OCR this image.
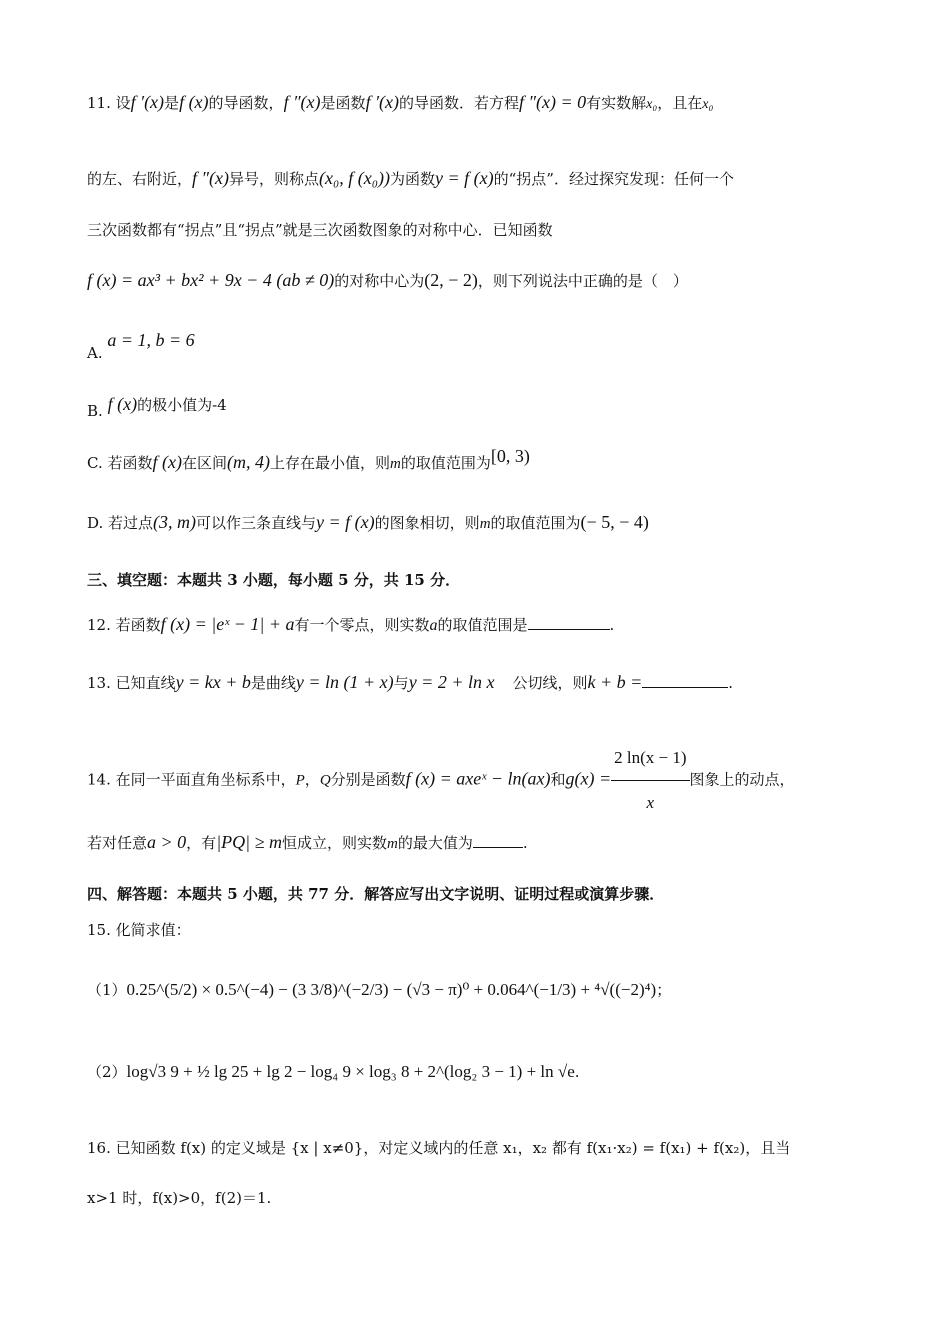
11. 设f ′(x)是f (x)的导函数，f ″(x)是函数f ′(x)的导函数．若方程f ″(x) = 0有实数解x₀，且在x₀
的左、右附近，f ″(x)异号，则称点(x₀, f (x₀))为函数y = f (x)的“拐点”．经过探究发现：任何一个
三次函数都有“拐点”且“拐点”就是三次函数图象的对称中心．已知函数
f (x) = ax³ + bx² + 9x − 4 (ab ≠ 0)的对称中心为(2, − 2)，则下列说法中正确的是（　）
A. a = 1, b = 6
B. f (x)的极小值为-4
C. 若函数f (x)在区间(m, 4)上存在最小值，则m的取值范围为[0, 3)
D. 若过点(3, m)可以作三条直线与y = f (x)的图象相切，则m的取值范围为(− 5, − 4)
三、填空题：本题共 3 小题，每小题 5 分，共 15 分．
12. 若函数f (x) = |eˣ − 1| + a有一个零点，则实数a的取值范围是	.
13. 已知直线y = kx + b是曲线y = ln (1 + x)与y = 2 + ln x 公切线，则k + b =	.
14. 在同一平面直角坐标系中，P，Q分别是函数f (x) = axeˣ − ln(ax)和$g(x) = \frac{2 \ln(x - 1)}{x}$ 图象上的动点，
若对任意a > 0，有|PQ| ≥ m恒成立，则实数m的最大值为	.
四、解答题：本题共 5 小题，共 77 分．解答应写出文字说明、证明过程或演算步骤．
15. 化简求值：
（1）0.25^(5/2) × 0.5^(−4) − (3 3/8)^(−2/3) − (√3 − π)⁰ + 0.064^(−1/3) + ⁴√((−2)⁴)；
（2）log√3 9 + ½ lg 25 + lg 2 − log₄ 9 × log₃ 8 + 2^(log₂ 3 − 1) + ln √e.
16. 已知函数 f(x) 的定义域是 {x | x≠0}，对定义域内的任意 x₁，x₂ 都有 f(x₁·x₂) = f(x₁) + f(x₂)，且当
x>1 时，f(x)>0，f(2)＝1.
